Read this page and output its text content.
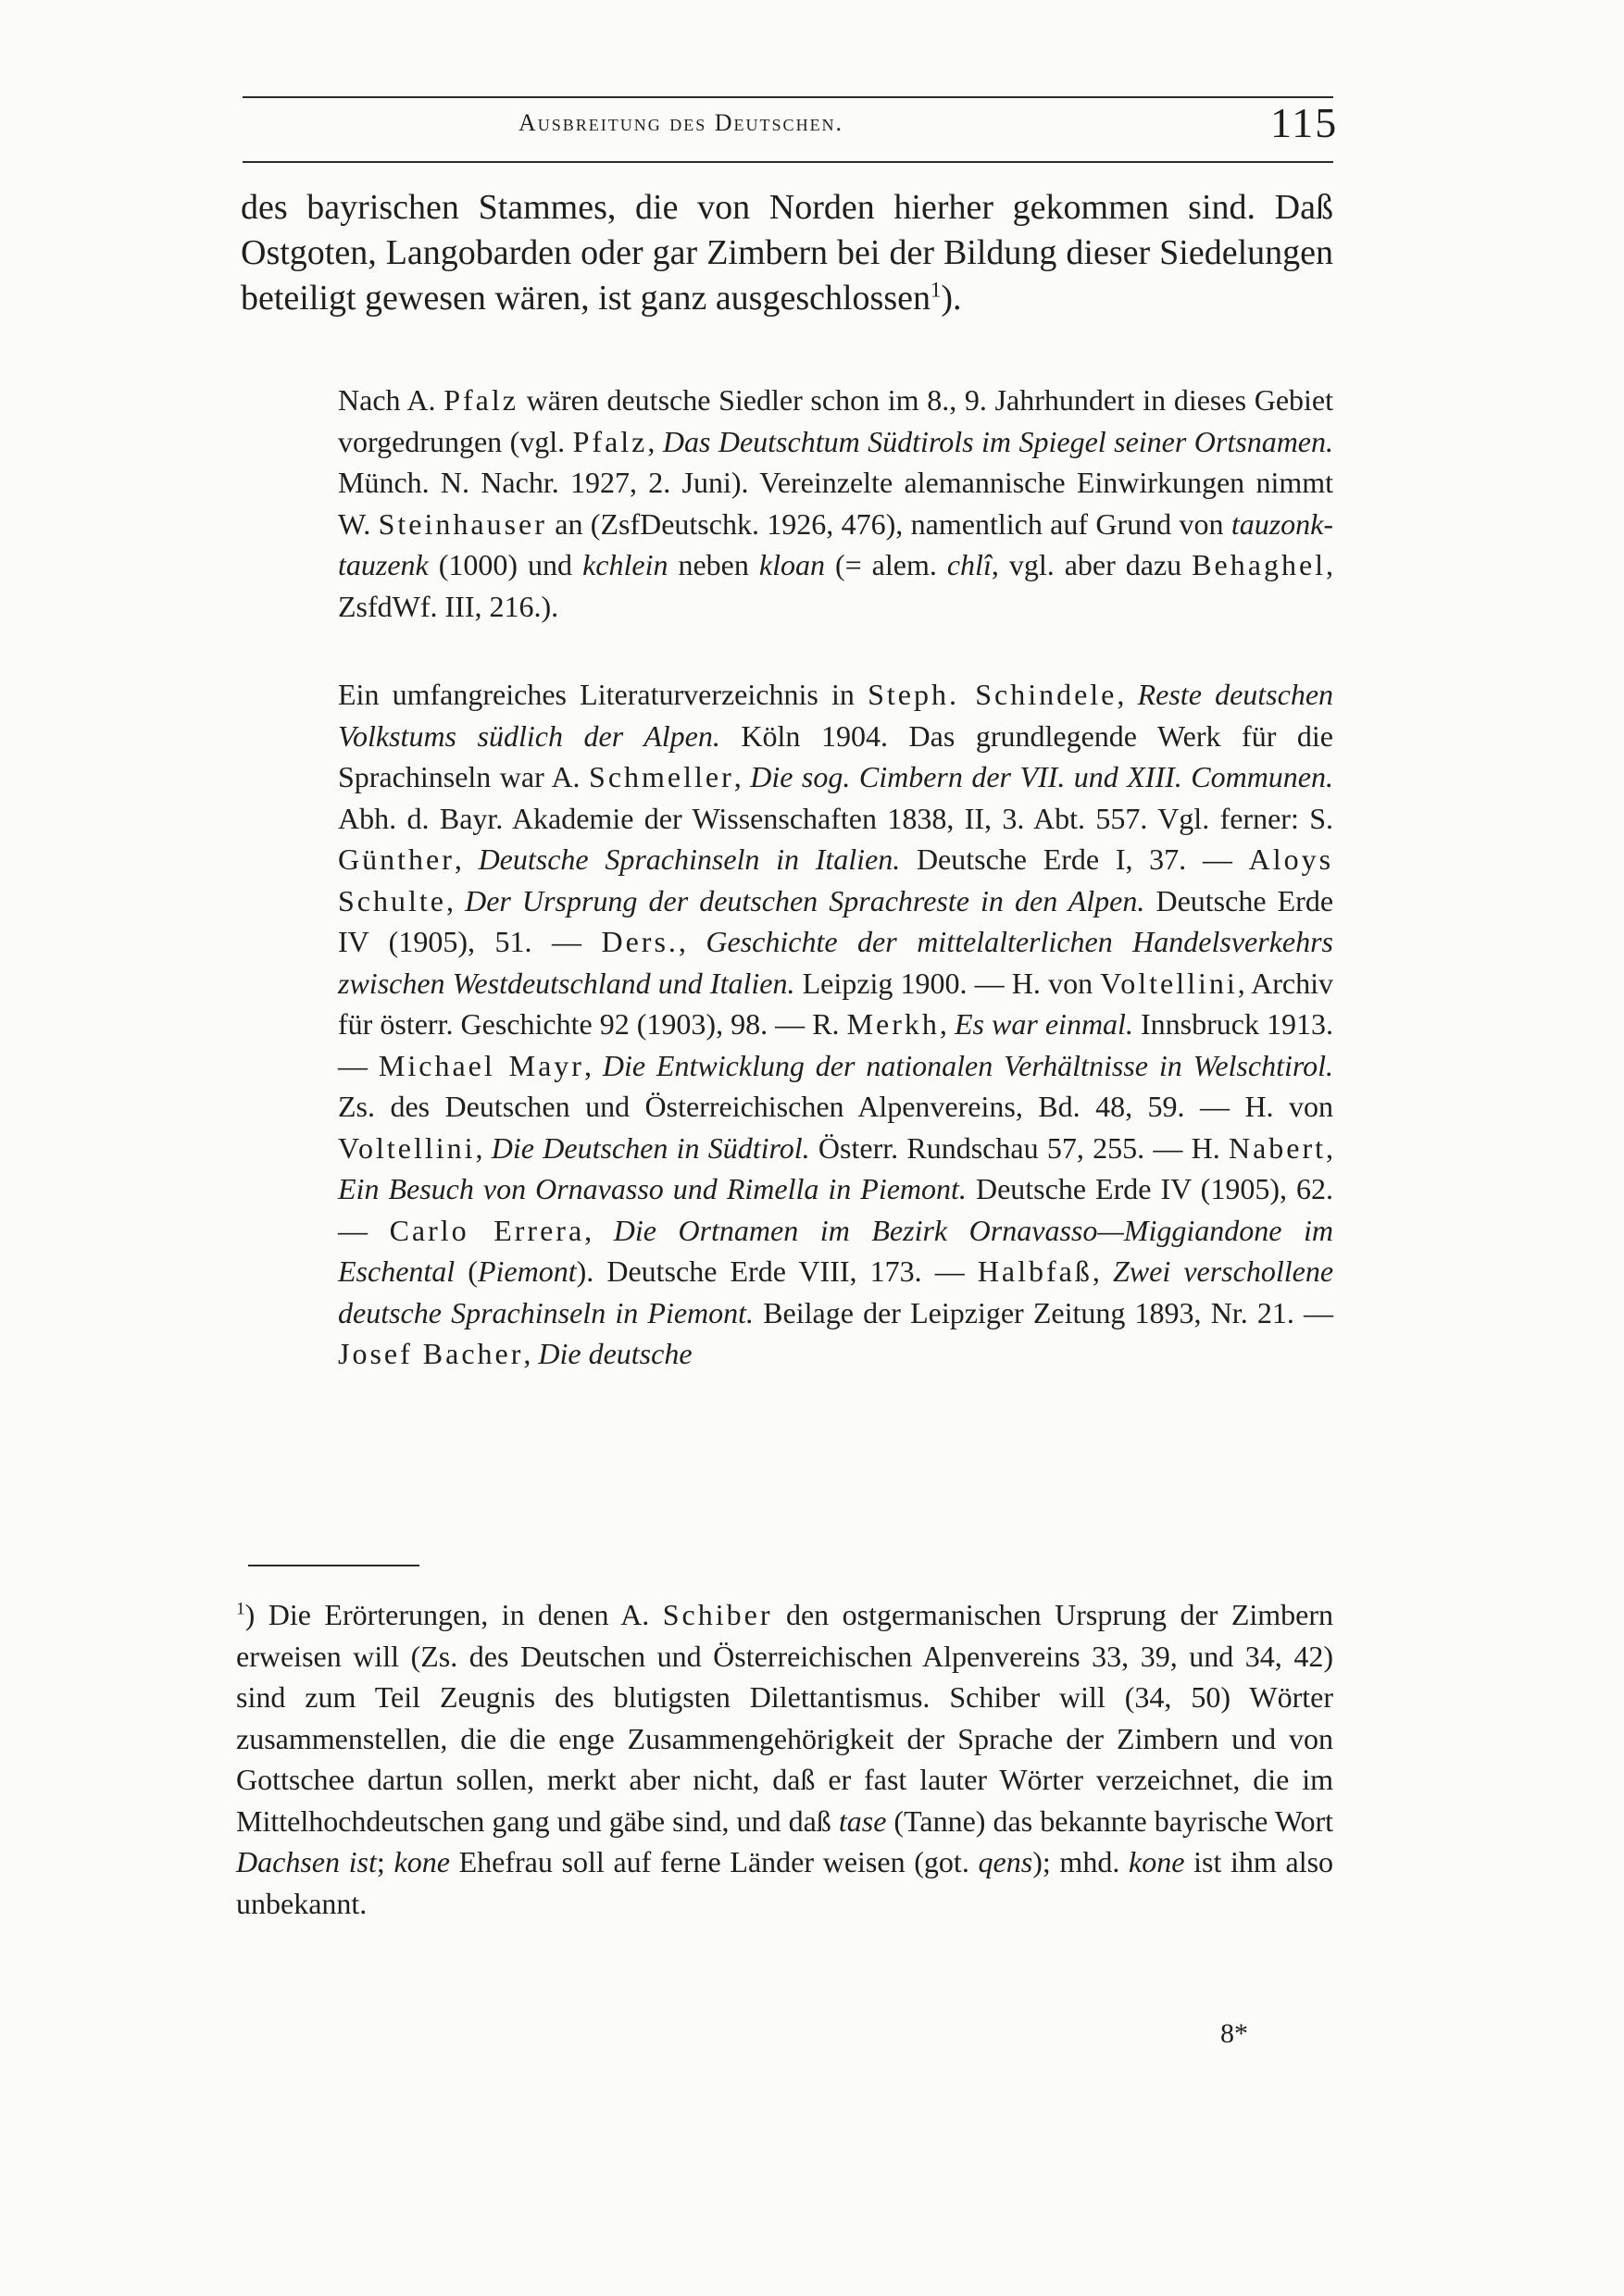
Ausbreitung des Deutschen.	115

des bayrischen Stammes, die von Norden hierher gekommen sind. Daß Ostgoten, Langobarden oder gar Zimbern bei der Bildung dieser Siedelungen beteiligt gewesen wären, ist ganz ausgeschlossen$^1$).

Nach A. Pfalz wären deutsche Siedler schon im 8., 9. Jahrhundert in dieses Gebiet vorgedrungen (vgl. Pfalz, Das Deutschtum Südtirols im Spiegel seiner Ortsnamen. Münch. N. Nachr. 1927, 2. Juni). Vereinzelte alemannische Einwirkungen nimmt W. Steinhauser an (ZsfDeutschk. 1926, 476), namentlich auf Grund von tauzonk-tauzenk (1000) und kchlein neben kloan (= alem. chlî, vgl. aber dazu Behaghel, ZsfdWf. III, 216.).

Ein umfangreiches Literaturverzeichnis in Steph. Schindele, Reste deutschen Volkstums südlich der Alpen. Köln 1904. Das grundlegende Werk für die Sprachinseln war A. Schmeller, Die sog. Cimbern der VII. und XIII. Communen. Abh. d. Bayr. Akademie der Wissenschaften 1838, II, 3. Abt. 557. Vgl. ferner: S. Günther, Deutsche Sprachinseln in Italien. Deutsche Erde I, 37. — Aloys Schulte, Der Ursprung der deutschen Sprachreste in den Alpen. Deutsche Erde IV (1905), 51. — Ders., Geschichte der mittelalterlichen Handelsverkehrs zwischen Westdeutschland und Italien. Leipzig 1900. — H. von Voltellini, Archiv für österr. Geschichte 92 (1903), 98. — R. Merkh, Es war einmal. Innsbruck 1913. — Michael Mayr, Die Entwicklung der nationalen Verhältnisse in Welschtirol. Zs. des Deutschen und Österreichischen Alpenvereins, Bd. 48, 59. — H. von Voltellini, Die Deutschen in Südtirol. Österr. Rundschau 57, 255. — H. Nabert, Ein Besuch von Ornavasso und Rimella in Piemont. Deutsche Erde IV (1905), 62. — Carlo Errera, Die Ortnamen im Bezirk Ornavasso—Miggiandone im Eschental (Piemont). Deutsche Erde VIII, 173. — Halbfaß, Zwei verschollene deutsche Sprachinseln in Piemont. Beilage der Leipziger Zeitung 1893, Nr. 21. — Josef Bacher, Die deutsche

$^1$) Die Erörterungen, in denen A. Schiber den ostgermanischen Ursprung der Zimbern erweisen will (Zs. des Deutschen und Österreichischen Alpenvereins 33, 39, und 34, 42) sind zum Teil Zeugnis des blutigsten Dilettantismus. Schiber will (34, 50) Wörter zusammenstellen, die die enge Zusammengehörigkeit der Sprache der Zimbern und von Gottschee dartun sollen, merkt aber nicht, daß er fast lauter Wörter verzeichnet, die im Mittelhochdeutschen gang und gäbe sind, und daß tase (Tanne) das bekannte bayrische Wort Dachsen ist; kone Ehefrau soll auf ferne Länder weisen (got. qens); mhd. kone ist ihm also unbekannt.

8*
